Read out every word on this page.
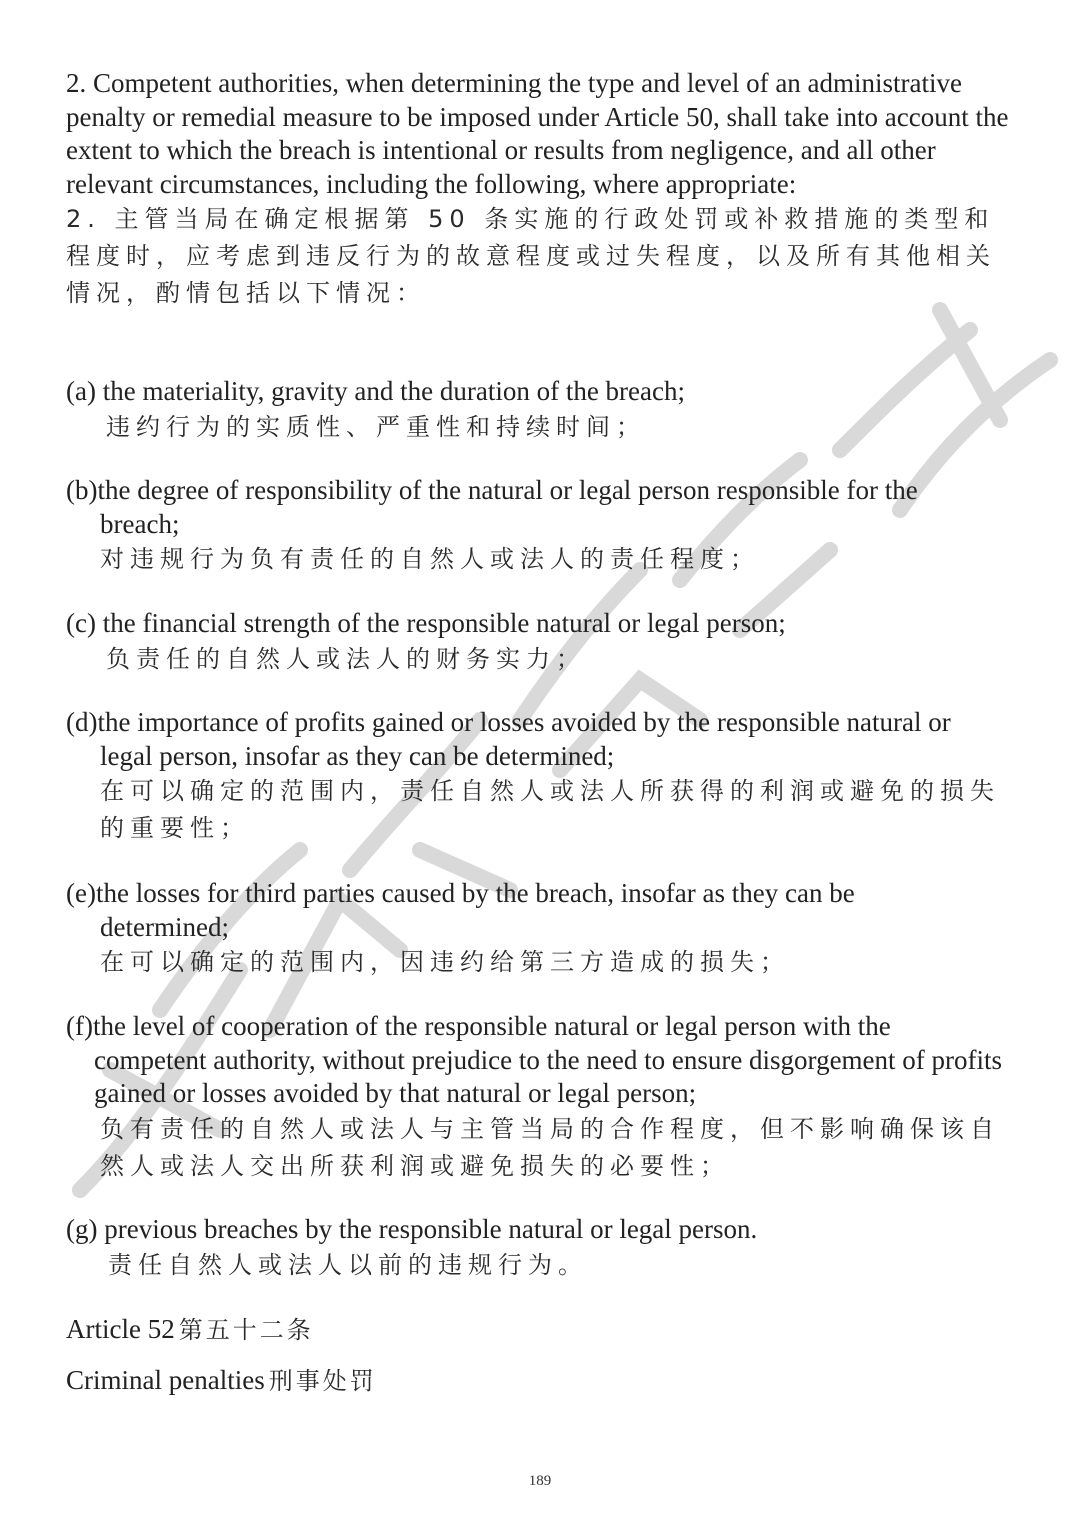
2. Competent authorities, when determining the type and level of an administrative penalty or remedial measure to be imposed under Article 50, shall take into account the extent to which the breach is intentional or results from negligence, and all other relevant circumstances, including the following, where appropriate:
2. 主管当局在确定根据第 50 条实施的行政处罚或补救措施的类型和程度时，应考虑到违反行为的故意程度或过失程度，以及所有其他相关情况，酌情包括以下情况：
(a) the materiality, gravity and the duration of the breach;
违约行为的实质性、严重性和持续时间；
(b)the degree of responsibility of the natural or legal person responsible for the breach;
对违规行为负有责任的自然人或法人的责任程度；
(c) the financial strength of the responsible natural or legal person;
负责任的自然人或法人的财务实力；
(d)the importance of profits gained or losses avoided by the responsible natural or legal person, insofar as they can be determined;
在可以确定的范围内，责任自然人或法人所获得的利润或避免的损失的重要性；
(e)the losses for third parties caused by the breach, insofar as they can be determined;
在可以确定的范围内，因违约给第三方造成的损失；
(f)the level of cooperation of the responsible natural or legal person with the competent authority, without prejudice to the need to ensure disgorgement of profits gained or losses avoided by that natural or legal person;
负有责任的自然人或法人与主管当局的合作程度，但不影响确保该自然人或法人交出所获利润或避免损失的必要性；
(g) previous breaches by the responsible natural or legal person.
责任自然人或法人以前的违规行为。
Article 52 第五十二条
Criminal penalties 刑事处罚
189
